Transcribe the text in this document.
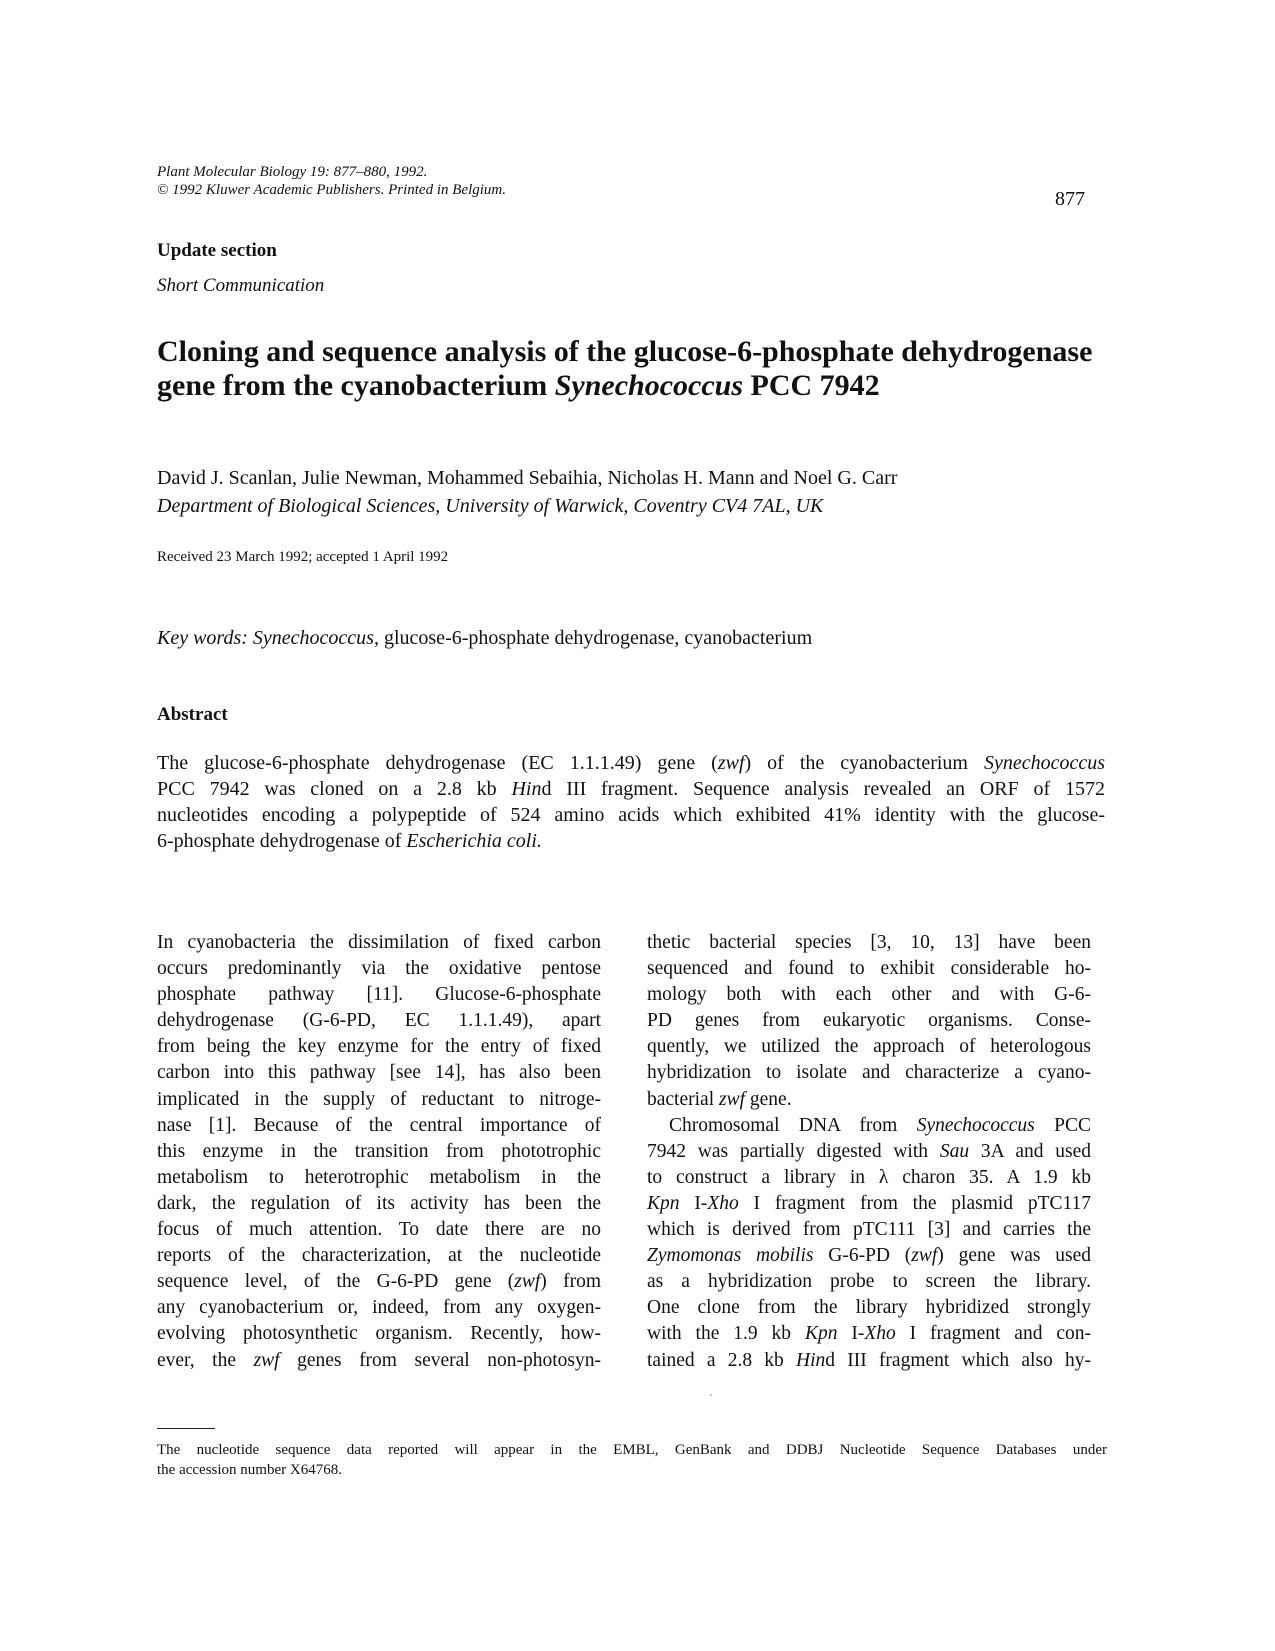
Plant Molecular Biology 19: 877–880, 1992.
© 1992 Kluwer Academic Publishers. Printed in Belgium.	877
Update section
Short Communication
Cloning and sequence analysis of the glucose-6-phosphate dehydrogenase
gene from the cyanobacterium Synechococcus PCC 7942
David J. Scanlan, Julie Newman, Mohammed Sebaihia, Nicholas H. Mann and Noel G. Carr
Department of Biological Sciences, University of Warwick, Coventry CV4 7AL, UK
Received 23 March 1992; accepted 1 April 1992
Key words: Synechococcus, glucose-6-phosphate dehydrogenase, cyanobacterium
Abstract
The glucose-6-phosphate dehydrogenase (EC 1.1.1.49) gene (zwf) of the cyanobacterium Synechococcus
PCC 7942 was cloned on a 2.8 kb Hind III fragment. Sequence analysis revealed an ORF of 1572
nucleotides encoding a polypeptide of 524 amino acids which exhibited 41% identity with the glucose-
6-phosphate dehydrogenase of Escherichia coli.
In cyanobacteria the dissimilation of fixed carbon
occurs predominantly via the oxidative pentose
phosphate pathway [11]. Glucose-6-phosphate
dehydrogenase (G-6-PD, EC 1.1.1.49), apart
from being the key enzyme for the entry of fixed
carbon into this pathway [see 14], has also been
implicated in the supply of reductant to nitroge-
nase [1]. Because of the central importance of
this enzyme in the transition from phototrophic
metabolism to heterotrophic metabolism in the
dark, the regulation of its activity has been the
focus of much attention. To date there are no
reports of the characterization, at the nucleotide
sequence level, of the G-6-PD gene (zwf) from
any cyanobacterium or, indeed, from any oxygen-
evolving photosynthetic organism. Recently, how-
ever, the zwf genes from several non-photosyn-
thetic bacterial species [3, 10, 13] have been
sequenced and found to exhibit considerable ho-
mology both with each other and with G-6-
PD genes from eukaryotic organisms. Conse-
quently, we utilized the approach of heterologous
hybridization to isolate and characterize a cyano-
bacterial zwf gene.
Chromosomal DNA from Synechococcus PCC
7942 was partially digested with Sau 3A and used
to construct a library in λ charon 35. A 1.9 kb
Kpn I-Xho I fragment from the plasmid pTC117
which is derived from pTC111 [3] and carries the
Zymomonas mobilis G-6-PD (zwf) gene was used
as a hybridization probe to screen the library.
One clone from the library hybridized strongly
with the 1.9 kb Kpn I-Xho I fragment and con-
tained a 2.8 kb Hind III fragment which also hy-
The nucleotide sequence data reported will appear in the EMBL, GenBank and DDBJ Nucleotide Sequence Databases under
the accession number X64768.
